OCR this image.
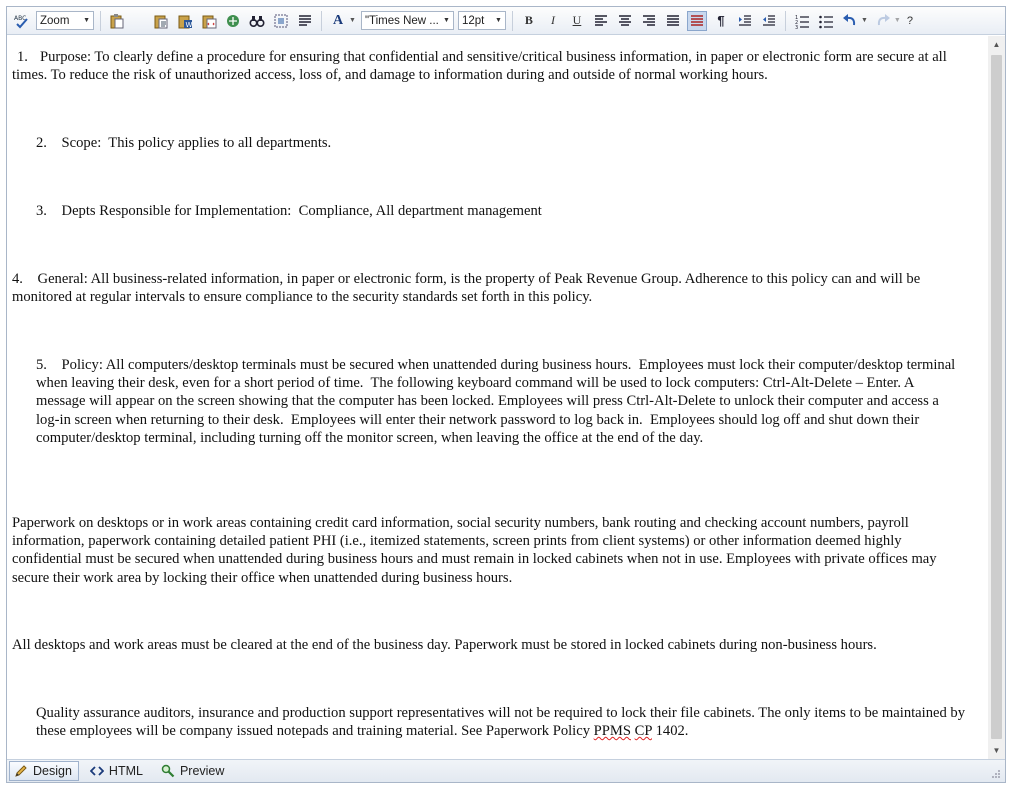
ABC Zoom	▼	W	A ▼ "Times New ... ▼ 12pt	▼	B	I	U	¶	1
2
3
▼	▼ ?
1. Purpose: To clearly define a procedure for ensuring that confidential and sensitive/critical business information, in paper or electronic form are secure at all times. To reduce the risk of unauthorized access, loss of, and damage to information during and outside of normal working hours.
2.    Scope:  This policy applies to all departments.
3.    Depts Responsible for Implementation:  Compliance, All department management
4.    General: All business-related information, in paper or electronic form, is the property of Peak Revenue Group. Adherence to this policy can and will be monitored at regular intervals to ensure compliance to the security standards set forth in this policy.
5.    Policy: All computers/desktop terminals must be secured when unattended during business hours.  Employees must lock their computer/desktop terminal when leaving their desk, even for a short period of time.  The following keyboard command will be used to lock computers: Ctrl-Alt-Delete – Enter. A message will appear on the screen showing that the computer has been locked. Employees will press Ctrl-Alt-Delete to unlock their computer and access a log-in screen when returning to their desk.  Employees will enter their network password to log back in.  Employees should log off and shut down their computer/desktop terminal, including turning off the monitor screen, when leaving the office at the end of the day.
Paperwork on desktops or in work areas containing credit card information, social security numbers, bank routing and checking account numbers, payroll information, paperwork containing detailed patient PHI (i.e., itemized statements, screen prints from client systems) or other information deemed highly confidential must be secured when unattended during business hours and must remain in locked cabinets when not in use. Employees with private offices may secure their work area by locking their office when unattended during business hours.
All desktops and work areas must be cleared at the end of the business day. Paperwork must be stored in locked cabinets during non-business hours.
Quality assurance auditors, insurance and production support representatives will not be required to lock their file cabinets. The only items to be maintained by these employees will be company issued notepads and training material. See Paperwork Policy PPMS CP 1402.
▲
▼
Design	HTML	Preview
